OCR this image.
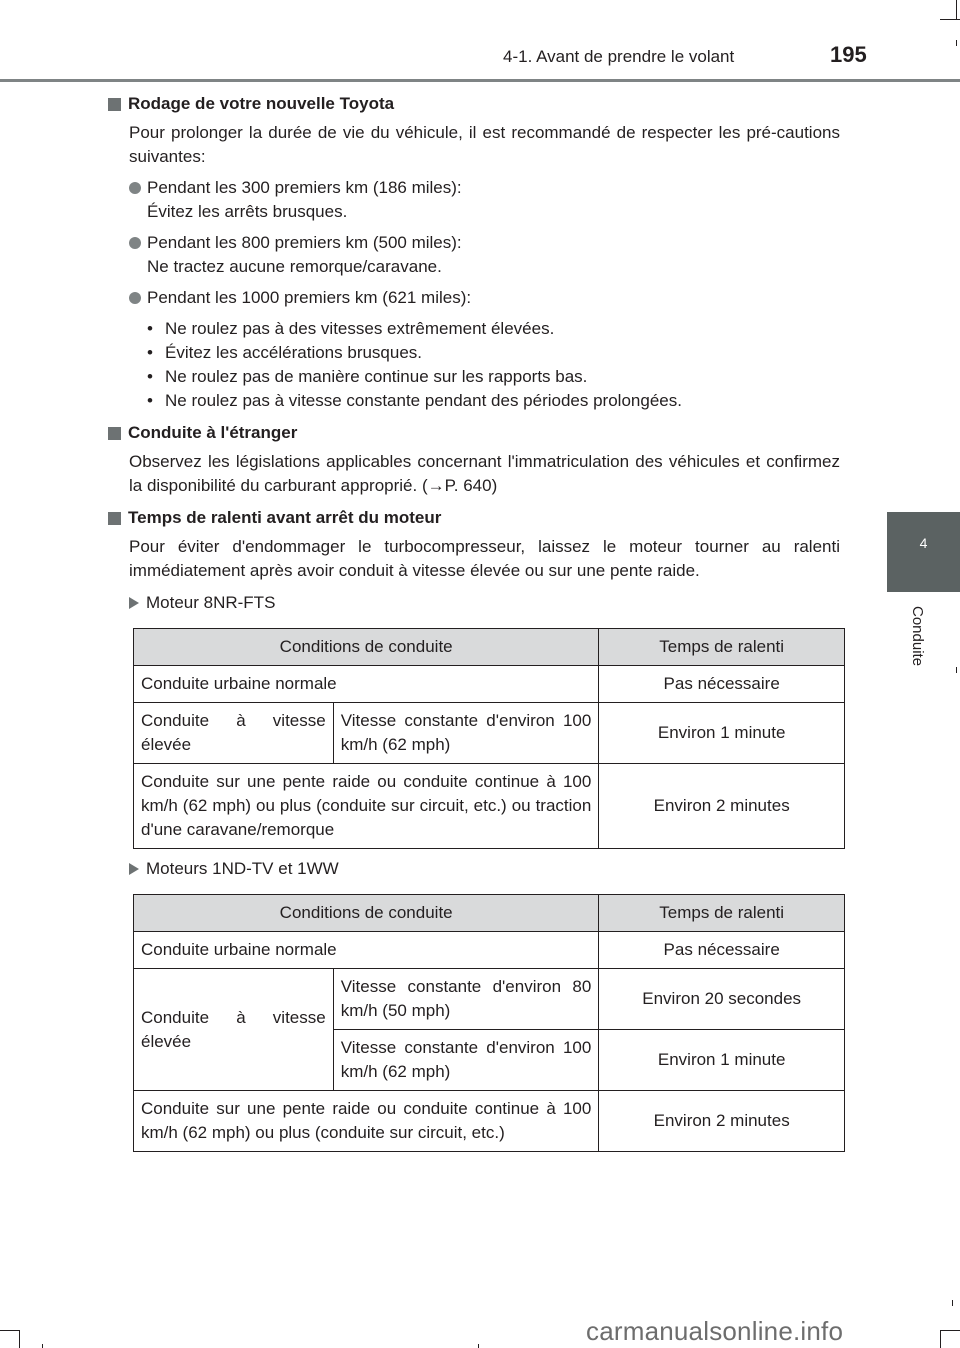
4-1. Avant de prendre le volant	195
4
Conduite
Rodage de votre nouvelle Toyota
Pour prolonger la durée de vie du véhicule, il est recommandé de respecter les pré-cautions suivantes:
Pendant les 300 premiers km (186 miles):
Évitez les arrêts brusques.
Pendant les 800 premiers km (500 miles):
Ne tractez aucune remorque/caravane.
Pendant les 1000 premiers km (621 miles):
• Ne roulez pas à des vitesses extrêmement élevées.
• Évitez les accélérations brusques.
• Ne roulez pas de manière continue sur les rapports bas.
• Ne roulez pas à vitesse constante pendant des périodes prolongées.
Conduite à l'étranger
Observez les législations applicables concernant l'immatriculation des véhicules et confirmez la disponibilité du carburant approprié. (→P. 640)
Temps de ralenti avant arrêt du moteur
Pour éviter d'endommager le turbocompresseur, laissez le moteur tourner au ralenti immédiatement après avoir conduit à vitesse élevée ou sur une pente raide.
Moteur 8NR-FTS
Conditions de conduite		Temps de ralenti
Conduite urbaine normale		Pas nécessaire
Conduite à vitesse élevée	Vitesse constante d'environ 100 km/h (62 mph)	Environ 1 minute
Conduite sur une pente raide ou conduite continue à 100 km/h (62 mph) ou plus (conduite sur circuit, etc.) ou traction d'une caravane/remorque		Environ 2 minutes
Moteurs 1ND-TV et 1WW
Conditions de conduite		Temps de ralenti
Conduite urbaine normale		Pas nécessaire
Conduite à vitesse élevée	Vitesse constante d'environ 80 km/h (50 mph)	Environ 20 secondes
	Vitesse constante d'environ 100 km/h (62 mph)	Environ 1 minute
Conduite sur une pente raide ou conduite continue à 100 km/h (62 mph) ou plus (conduite sur circuit, etc.)		Environ 2 minutes
carmanualsonline.info
